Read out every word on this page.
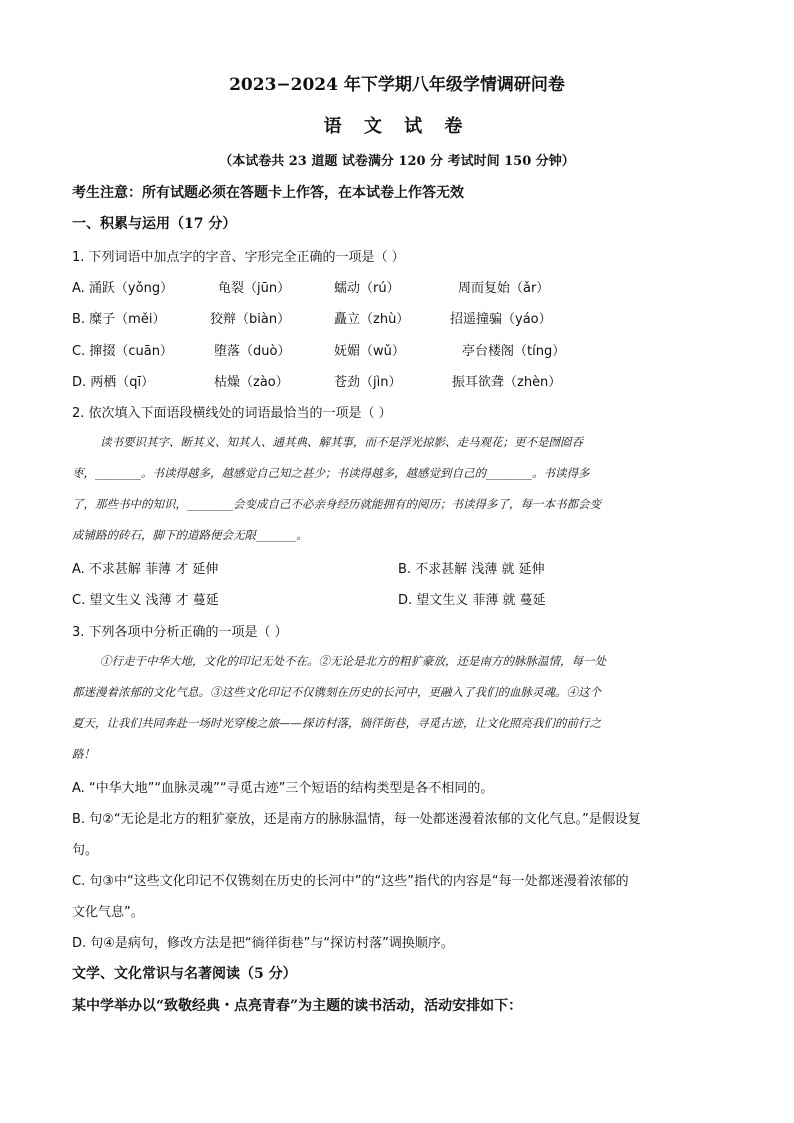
2023−2024 年下学期八年级学情调研问卷
语 文 试 卷
（本试卷共 23 道题 试卷满分 120 分 考试时间 150 分钟）
考生注意：所有试题必须在答题卡上作答，在本试卷上作答无效
一、积累与运用（17 分）
1. 下列词语中加点字的字音、字形完全正确的一项是（ ）
A. 涌跃（yǒng）	龟裂（jūn）	蠕动（rú）	周而复始（ǎr）
B. 糜子（měi）	狡辩（biàn）	矗立（zhù）	招遥撞骗（yáo）
C. 撺掇（cuān）	堕落（duò）	妩媚（wǔ）	亭台楼阁（tíng）
D. 两栖（qī）	枯燥（zào）	苍劲（jìn）	振耳欲聋（zhèn）
2. 依次填入下面语段横线处的词语最恰当的一项是（ ）
读书要识其字、断其义、知其人、通其典、解其事，而不是浮光掠影、走马观花；更不是囫囵吞
枣，________。书读得越多，越感觉自己知之甚少；书读得越多，越感觉到自己的________。书读得多
了，那些书中的知识，________会变成自己不必亲身经历就能拥有的阅历；书读得多了，每一本书都会变
成铺路的砖石，脚下的道路便会无限_______。
A. 不求甚解 菲薄 才 延伸	B. 不求甚解 浅薄 就 延伸
C. 望文生义 浅薄 才 蔓延	D. 望文生义 菲薄 就 蔓延
3. 下列各项中分析正确的一项是（ ）
①行走于中华大地，文化的印记无处不在。②无论是北方的粗犷豪放，还是南方的脉脉温情，每一处
都迷漫着浓郁的文化气息。③这些文化印记不仅镌刻在历史的长河中，更融入了我们的血脉灵魂。④这个
夏天，让我们共同奔赴一场时光穿梭之旅——探访村落，徜徉街巷，寻觅古迹，让文化照亮我们的前行之
路！
A. “中华大地”“血脉灵魂”“寻觅古迹”三个短语的结构类型是各不相同的。
B. 句②“无论是北方的粗犷豪放，还是南方的脉脉温情，每一处都迷漫着浓郁的文化气息。”是假设复
句。
C. 句③中“这些文化印记不仅镌刻在历史的长河中”的“这些”指代的内容是“每一处都迷漫着浓郁的
文化气息”。
D. 句④是病句，修改方法是把“徜徉街巷”与“探访村落”调换顺序。
文学、文化常识与名著阅读（5 分）
某中学举办以“致敬经典・点亮青春”为主题的读书活动，活动安排如下：
